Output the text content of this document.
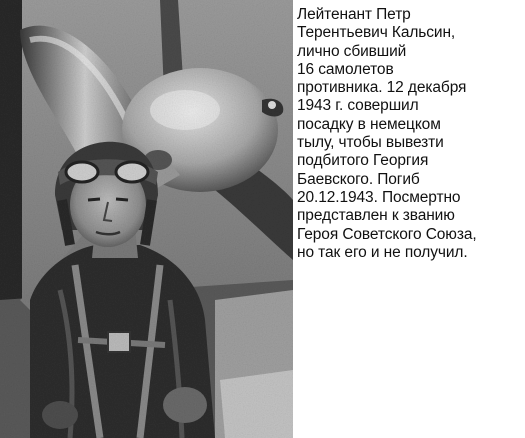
Лейтенант Петр
Терентьевич Кальсин,
лично сбивший
16 самолетов
противника. 12 декабря
1943 г. совершил
посадку в немецком
тылу, чтобы вывезти
подбитого Георгия
Баевского. Погиб
20.12.1943. Посмертно
представлен к званию
Героя Советского Союза,
но так его и не получил.
